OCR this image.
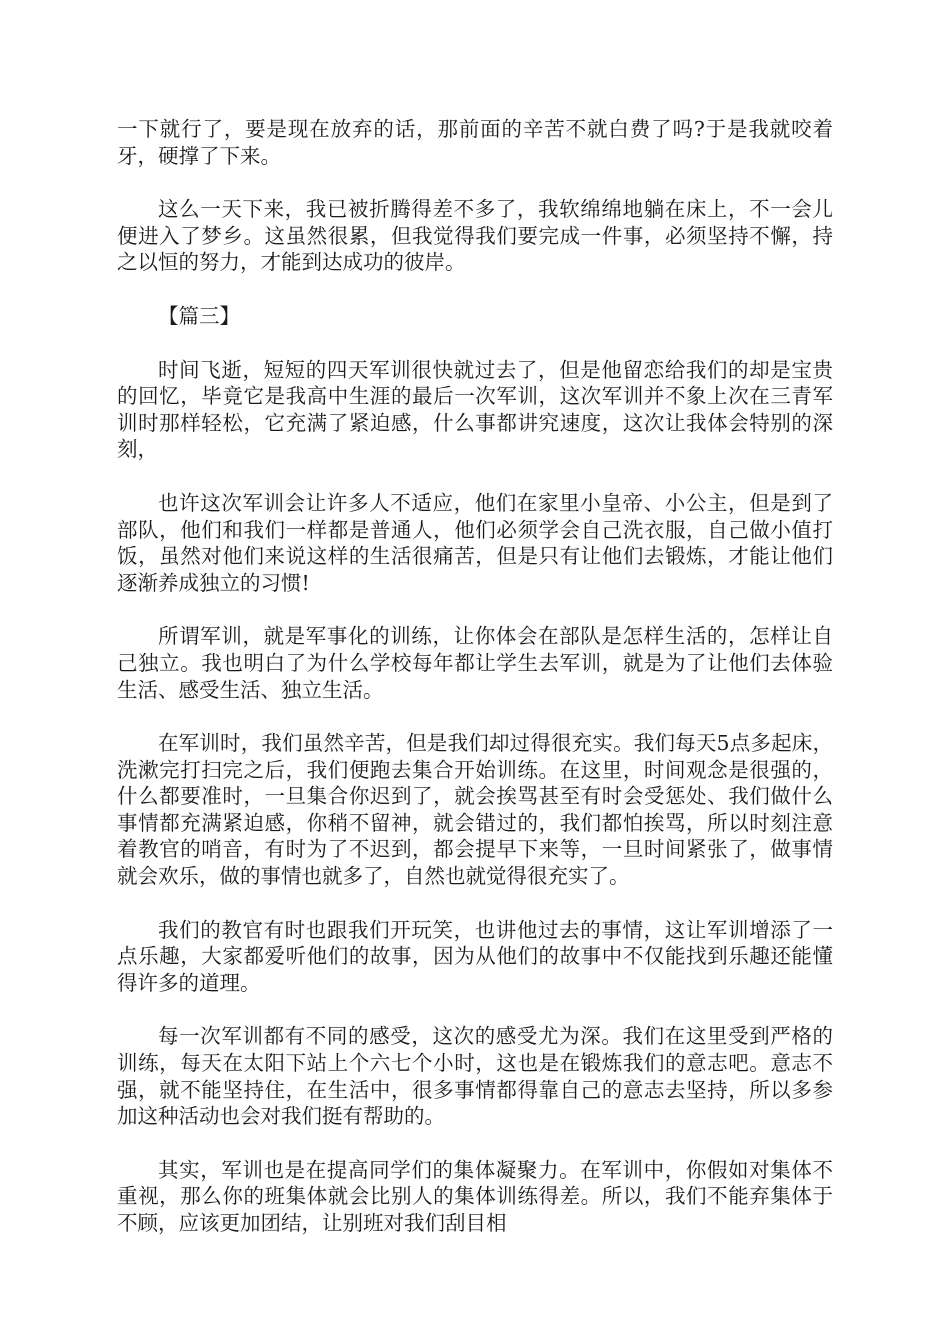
一下就行了，要是现在放弃的话，那前面的辛苦不就白费了吗?于是我就咬着牙，硬撑了下来。

这么一天下来，我已被折腾得差不多了，我软绵绵地躺在床上，不一会儿便进入了梦乡。这虽然很累，但我觉得我们要完成一件事，必须坚持不懈，持之以恒的努力，才能到达成功的彼岸。

【篇三】

时间飞逝，短短的四天军训很快就过去了，但是他留恋给我们的却是宝贵的回忆，毕竟它是我高中生涯的最后一次军训，这次军训并不象上次在三青军训时那样轻松，它充满了紧迫感，什么事都讲究速度，这次让我体会特别的深刻，

也许这次军训会让许多人不适应，他们在家里小皇帝、小公主，但是到了部队，他们和我们一样都是普通人，他们必须学会自己洗衣服，自己做小值打饭，虽然对他们来说这样的生活很痛苦，但是只有让他们去锻炼，才能让他们逐渐养成独立的习惯!

所谓军训，就是军事化的训练，让你体会在部队是怎样生活的，怎样让自己独立。我也明白了为什么学校每年都让学生去军训，就是为了让他们去体验生活、感受生活、独立生活。

在军训时，我们虽然辛苦，但是我们却过得很充实。我们每天5点多起床，洗漱完打扫完之后，我们便跑去集合开始训练。在这里，时间观念是很强的，什么都要准时，一旦集合你迟到了，就会挨骂甚至有时会受惩处、我们做什么事情都充满紧迫感，你稍不留神，就会错过的，我们都怕挨骂，所以时刻注意着教官的哨音，有时为了不迟到，都会提早下来等，一旦时间紧张了，做事情就会欢乐，做的事情也就多了，自然也就觉得很充实了。

我们的教官有时也跟我们开玩笑，也讲他过去的事情，这让军训增添了一点乐趣，大家都爱听他们的故事，因为从他们的故事中不仅能找到乐趣还能懂得许多的道理。

每一次军训都有不同的感受，这次的感受尤为深。我们在这里受到严格的训练，每天在太阳下站上个六七个小时，这也是在锻炼我们的意志吧。意志不强，就不能坚持住，在生活中，很多事情都得靠自己的意志去坚持，所以多参加这种活动也会对我们挺有帮助的。

其实，军训也是在提高同学们的集体凝聚力。在军训中，你假如对集体不重视，那么你的班集体就会比别人的集体训练得差。所以，我们不能弃集体于不顾，应该更加团结，让别班对我们刮目相
